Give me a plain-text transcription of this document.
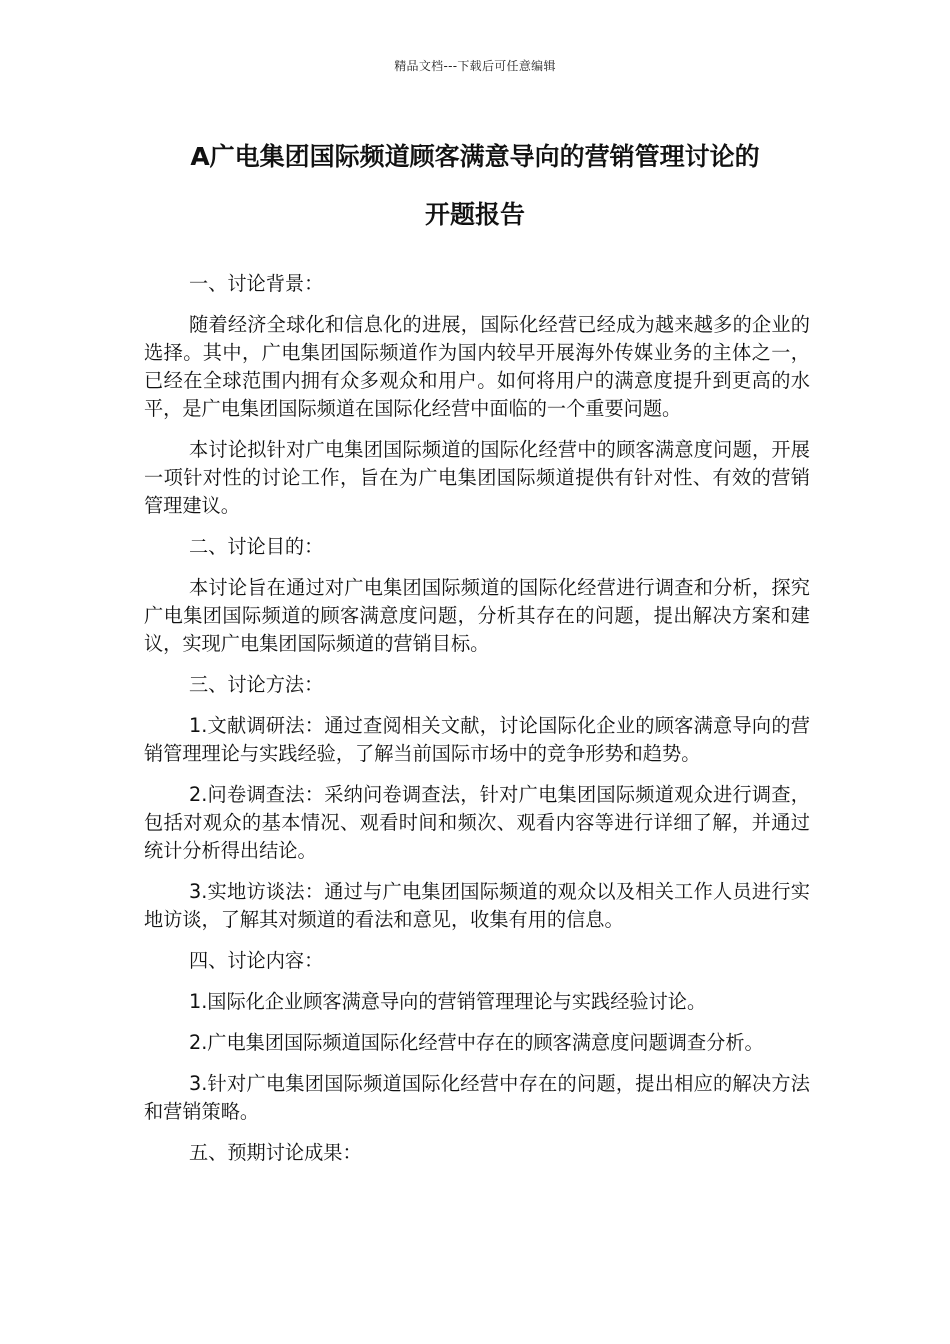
精品文档---下载后可任意编辑
A广电集团国际频道顾客满意导向的营销管理讨论的
开题报告

一、讨论背景：

随着经济全球化和信息化的进展，国际化经营已经成为越来越多的企业的选择。其中，广电集团国际频道作为国内较早开展海外传媒业务的主体之一，已经在全球范围内拥有众多观众和用户。如何将用户的满意度提升到更高的水平，是广电集团国际频道在国际化经营中面临的一个重要问题。

本讨论拟针对广电集团国际频道的国际化经营中的顾客满意度问题，开展一项针对性的讨论工作，旨在为广电集团国际频道提供有针对性、有效的营销管理建议。

二、讨论目的：

本讨论旨在通过对广电集团国际频道的国际化经营进行调查和分析，探究广电集团国际频道的顾客满意度问题，分析其存在的问题，提出解决方案和建议，实现广电集团国际频道的营销目标。

三、讨论方法：

1.文献调研法：通过查阅相关文献，讨论国际化企业的顾客满意导向的营销管理理论与实践经验，了解当前国际市场中的竞争形势和趋势。

2.问卷调查法：采纳问卷调查法，针对广电集团国际频道观众进行调查，包括对观众的基本情况、观看时间和频次、观看内容等进行详细了解，并通过统计分析得出结论。

3.实地访谈法：通过与广电集团国际频道的观众以及相关工作人员进行实地访谈，了解其对频道的看法和意见，收集有用的信息。

四、讨论内容：

1.国际化企业顾客满意导向的营销管理理论与实践经验讨论。

2.广电集团国际频道国际化经营中存在的顾客满意度问题调查分析。

3.针对广电集团国际频道国际化经营中存在的问题，提出相应的解决方法和营销策略。

五、预期讨论成果：
